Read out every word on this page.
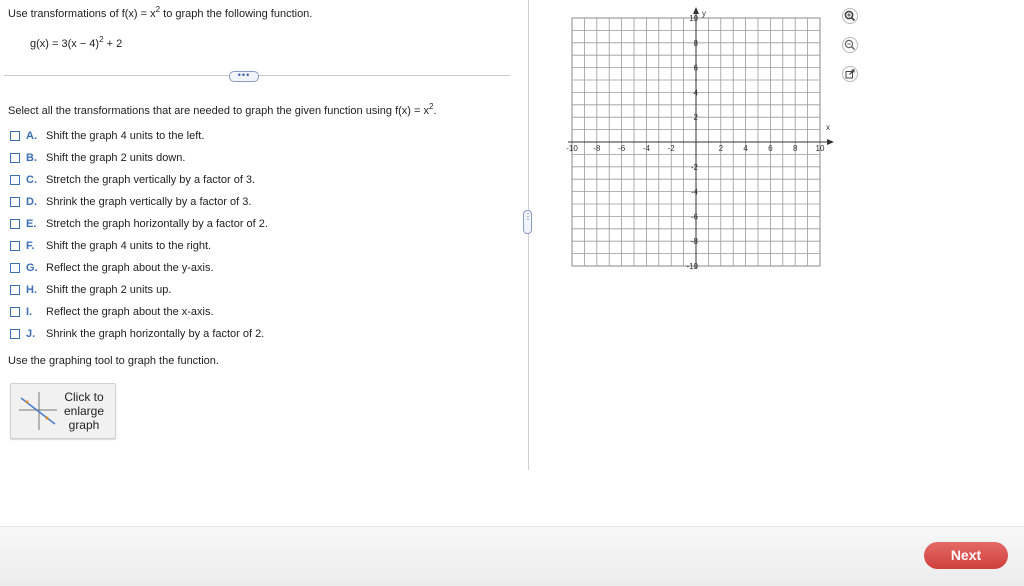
Use transformations of $f(x) = x^2$ to graph the following function.
$g(x) = 3(x - 4)^2 + 2$
•••
Select all the transformations that are needed to graph the given function using $f(x) = x^2$.
A. Shift the graph 4 units to the left.
B. Shift the graph 2 units down.
C. Stretch the graph vertically by a factor of 3.
D. Shrink the graph vertically by a factor of 3.
E. Stretch the graph horizontally by a factor of 2.
F.	Shift the graph 4 units to the right.
G. Reflect the graph about the y-axis.
H. Shift the graph 2 units up.
I.	Reflect the graph about the x-axis.
J. Shrink the graph horizontally by a factor of 2.
Use the graphing tool to graph the function.
Click to
enlarge
graph
⋮
x
y
-10 -8 -6 -4 -2	2	4	6	8 10
10
8
6
4
2
-2
-4
-6
-8
-10
Next
